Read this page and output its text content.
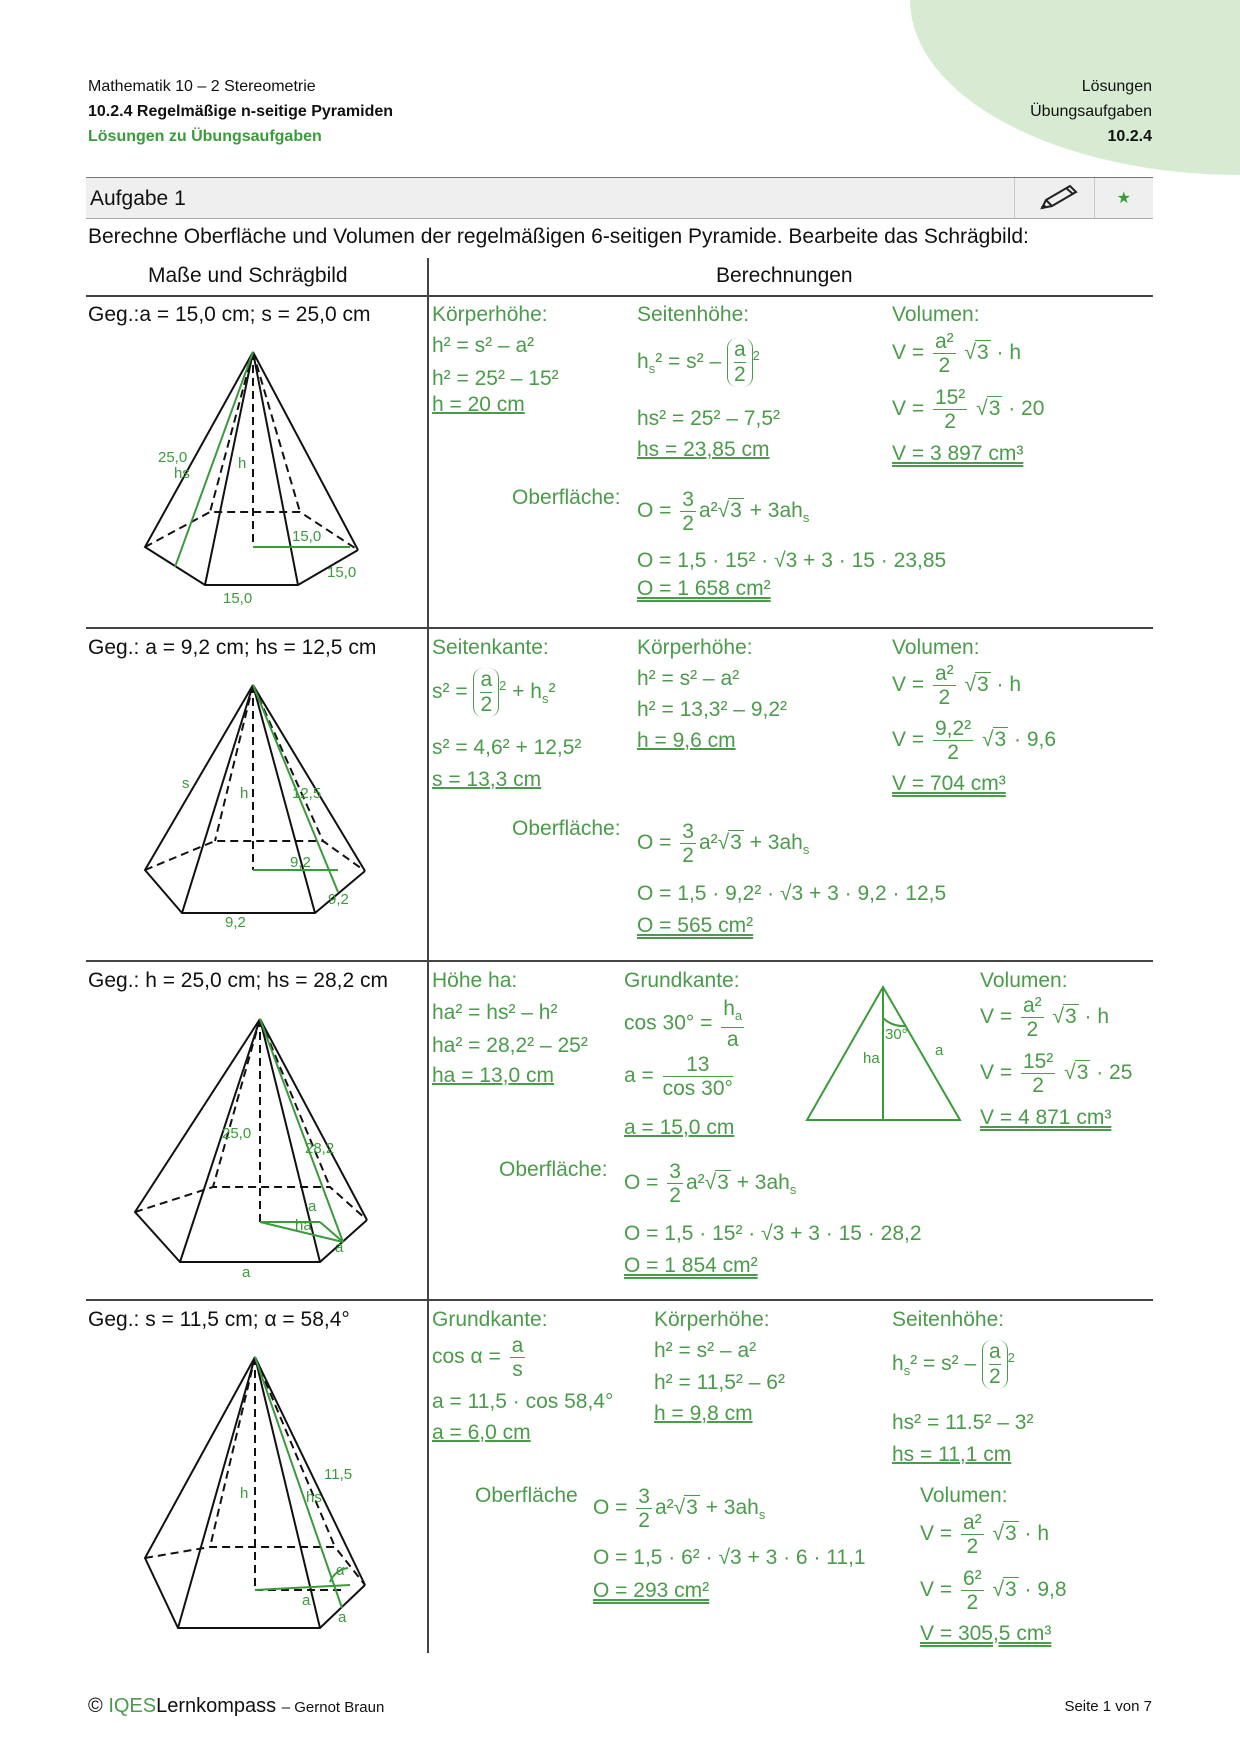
Mathematik 10 – 2 Stereometrie
10.2.4 Regelmäßige n-seitige Pyramiden
Lösungen zu Übungsaufgaben
Lösungen
Übungsaufgaben
10.2.4
Aufgabe 1	★
Berechne Oberfläche und Volumen der regelmäßigen 6-seitigen Pyramide. Bearbeite das Schrägbild:
Maße und Schrägbild	Berechnungen
Geg.:a = 15,0 cm; s = 25,0 cm
25,0
hs
h
15,0
15,0
15,0
Körperhöhe:
h² = s² – a²
h² = 25² – 15²
h = 20 cm
Seitenhöhe:
$h_s^2 = s^2 - \frac{a}{2} ^2$
hs² = 25² – 7,5²
hs = 23,85 cm
Volumen:
$V = \frac{\text{a²}}{2} √3 \cdot h$
$V = \frac{\text{15²}}{2} √3 \cdot 20$
V = 3 897 cm³
Oberfläche:
$O = \frac{3}{2} a^2√3 + 3ah_s$
O = 1,5 · 15² · √3 + 3 · 15 · 23,85
O = 1 658 cm²
Geg.: a = 9,2 cm; hs = 12,5 cm
s
h	12,5
9,2
9,2
9,2
Seitenkante:
$s^2 = \frac{a}{2} ^2 + h_s^2$
s² = 4,6² + 12,5²
s = 13,3 cm
Körperhöhe:
h² = s² – a²
h² = 13,3² – 9,2²
h = 9,6 cm
Volumen:
$V = \frac{\text{a²}}{2} √3 \cdot h$
$V = \frac{\text{9,2²}}{2} √3 \cdot 9,6$
V = 704 cm³
Oberfläche:
$O = \frac{3}{2} a^2√3 + 3ah_s$
O = 1,5 · 9,2² · √3 + 3 · 9,2 · 12,5
O = 565 cm²
Geg.: h = 25,0 cm; hs = 28,2 cm
25,0
28,2
a
ha
a
a
Höhe ha:
ha² = hs² – h²
ha² = 28,2² – 25²
ha = 13,0 cm
Grundkante:
$\cos 30^\circ = \frac{h_a}{a}$
$a = \frac{13}{\cos 30^\circ}$
a = 15,0 cm
30°
ha	a
Volumen:
$V = \frac{\text{a²}}{2} √3 \cdot h$
$V = \frac{\text{15²}}{2} √3 \cdot 25$
V = 4 871 cm³
Oberfläche:
$O = \frac{3}{2} a^2√3 + 3ah_s$
O = 1,5 · 15² · √3 + 3 · 15 · 28,2
O = 1 854 cm²
Geg.: s = 11,5 cm; α = 58,4°
11,5
h	hs
α
a
a
Grundkante:
$\cos \alpha = \frac{a}{s}$
a = 11,5 · cos 58,4°
a = 6,0 cm
Körperhöhe:
h² = s² – a²
h² = 11,5² – 6²
h = 9,8 cm
Seitenhöhe:
$h_s^2 = s^2 - \frac{a}{2} ^2$
hs² = 11.5² – 3²
hs = 11,1 cm
Oberfläche
$O = \frac{3}{2} a^2√3 + 3ah_s$
O = 1,5 · 6² · √3 + 3 · 6 · 11,1
O = 293 cm²
Volumen:
$V = \frac{\text{a²}}{2} √3 \cdot h$
$V = \frac{\text{6²}}{2} √3 \cdot 9,8$
V = 305,5 cm³
© IQESLernkompass – Gernot Braun	Seite 1 von 7
